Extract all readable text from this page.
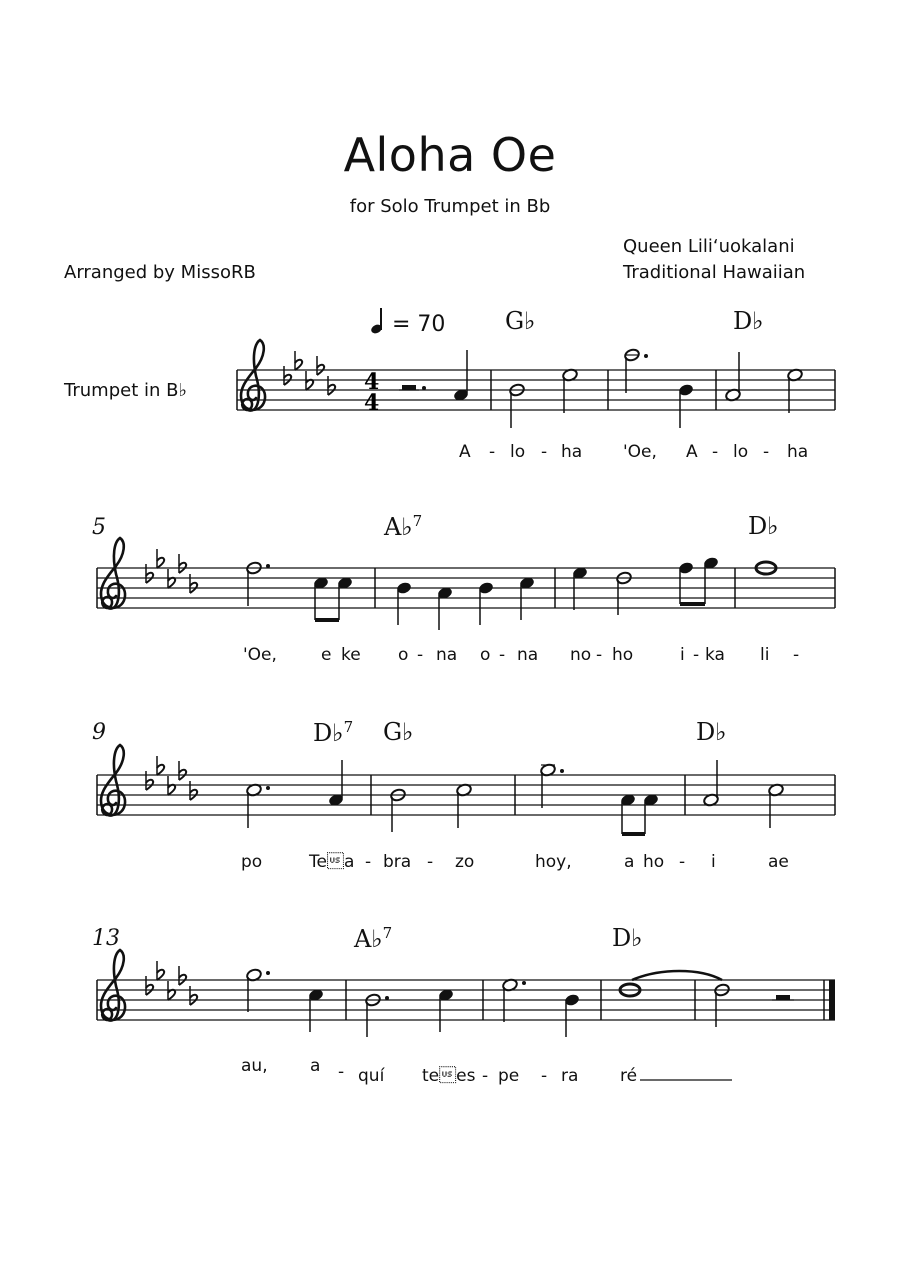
Aloha Oe
for Solo Trumpet in Bb
Queen Lili‘uokalani
Traditional Hawaiian
Arranged by MissoRB
Trumpet in B♭
= 70 G♭	D♭
A♭$^7$	D♭
D♭$^7$ G♭	D♭
A♭$^7$	D♭
5
9
13
4
4
A - lo - ha 'Oe, A - lo - ha
'Oe,	e ke o - na o - na no - ho	i - ka li -
po	Tea - bra - zo	hoy,	a ho - i	ae
au, a - quí tees - pe - ra ré
